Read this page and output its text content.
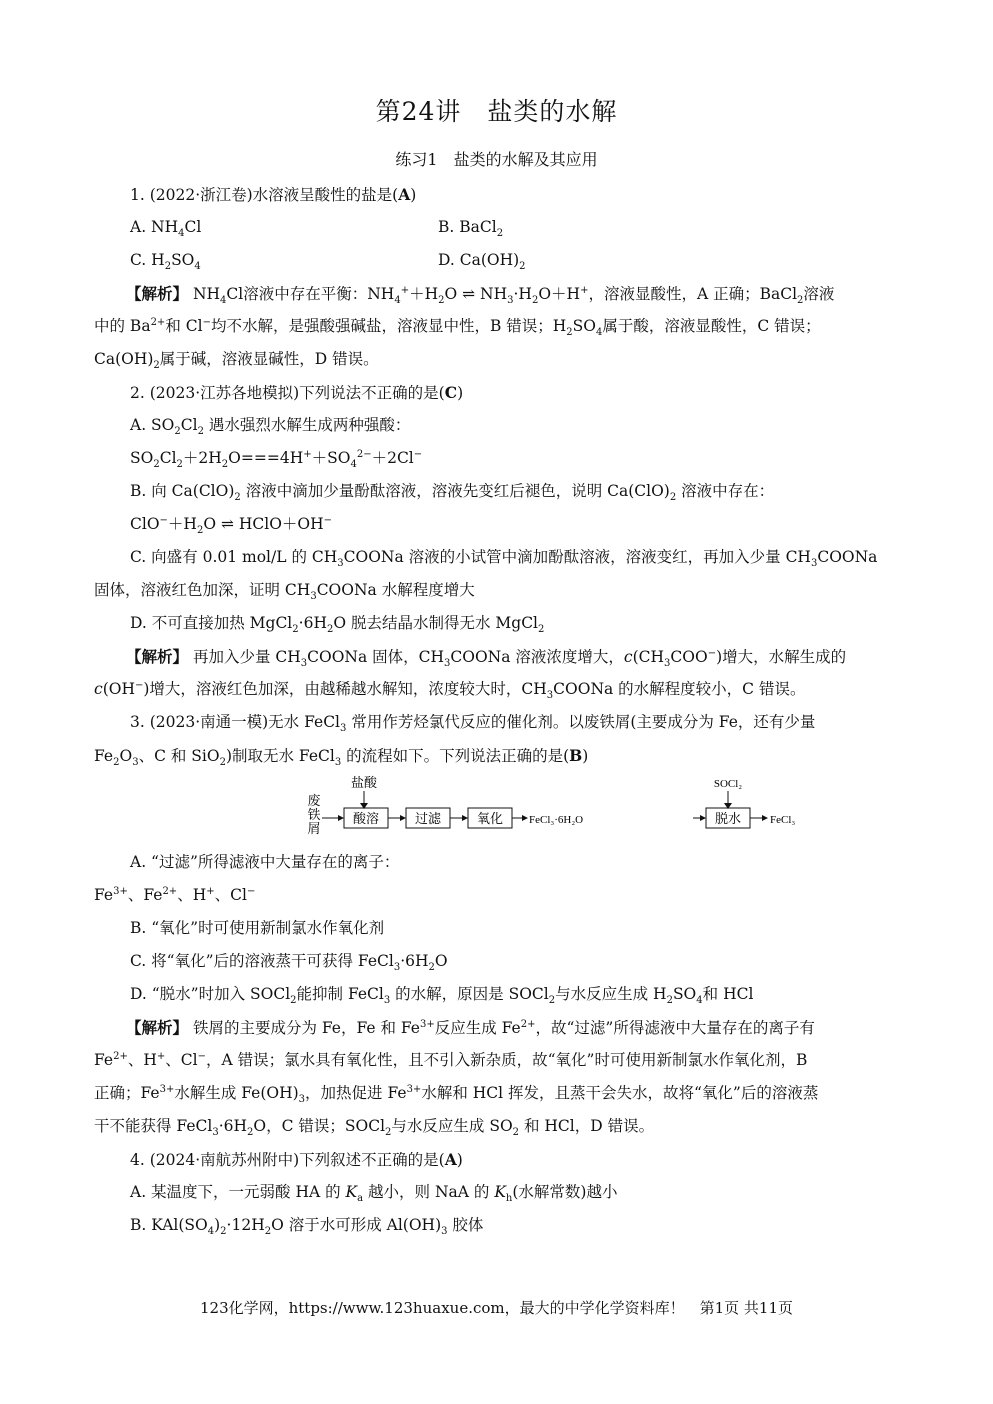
第24讲　盐类的水解
练习1　盐类的水解及其应用
1. (2022·浙江卷)水溶液呈酸性的盐是(A)
A. $NH_4Cl$	B. BaCl$_2$
C. $H_2SO_4$	D. $Ca(OH)_2$
【解析】 $NH_4Cl$溶液中存在平衡：$NH_4^++H_2O$ ⇌ $NH_3\cdot H_2O+H^+$，溶液显酸性，A 正确；BaCl$_2$溶液
中的 $Ba^{2+}$和 Cl−均不水解，是强酸强碱盐，溶液显中性，B 错误；$H_2SO_4$属于酸，溶液显酸性，C 错误；
$Ca(OH)_2$属于碱，溶液显碱性，D 错误。
2. (2023·江苏各地模拟)下列说法不正确的是(C)
A. $SO_2Cl_2$ 遇水强烈水解生成两种强酸：
$SO_2Cl_2+2H_2O===4H^++SO_4^{2-}+2Cl^-$
B. 向 $Ca(ClO)_2$ 溶液中滴加少量酚酞溶液，溶液先变红后褪色，说明 $Ca(ClO)_2$ 溶液中存在：
$ClO^-+H_2O$ ⇌ HClO＋OH−
C. 向盛有 0.01 mol/L 的 $CH_3COONa$ 溶液的小试管中滴加酚酞溶液，溶液变红，再加入少量 $CH_3COONa$
固体，溶液红色加深，证明 $CH_3COONa$ 水解程度增大
D. 不可直接加热 $MgCl_2\cdot 6H_2O$ 脱去结晶水制得无水 MgCl$_2$
【解析】 再加入少量 $CH_3COONa$ 固体，$CH_3COONa$ 溶液浓度增大，$c(CH_3COO^-)$增大，水解生成的
c(OH−)增大，溶液红色加深，由越稀越水解知，浓度较大时，$CH_3COONa$ 的水解程度较小，C 错误。
3. (2023·南通一模)无水 FeCl$_3$ 常用作芳烃氯代反应的催化剂。以废铁屑(主要成分为 Fe，还有少量
$Fe_2O_3$、C 和 SiO$_2$)制取无水 FeCl$_3$ 的流程如下。下列说法正确的是(B)
盐酸	SOCl₂
废
铁
屑
酸溶	过滤	氧化 FeCl₃·6H₂O	脱水	FeCl₃
A. “过滤”所得滤液中大量存在的离子：
$Fe^{3+}$、$Fe^{2+}$、H+、Cl−
B. “氧化”时可使用新制氯水作氧化剂
C. 将“氧化”后的溶液蒸干可获得 $FeCl_3\cdot 6H_2O$
D. “脱水”时加入 SOCl$_2$能抑制 FeCl$_3$ 的水解，原因是 SOCl$_2$与水反应生成 $H_2SO_4$和 HCl
【解析】 铁屑的主要成分为 Fe，Fe 和 $Fe^{3+}$反应生成 $Fe^{2+}$，故“过滤”所得滤液中大量存在的离子有
$Fe^{2+}$、H+、Cl−，A 错误；氯水具有氧化性，且不引入新杂质，故“氧化”时可使用新制氯水作氧化剂，B
正确；$Fe^{3+}$水解生成 $Fe(OH)_3$，加热促进 $Fe^{3+}$水解和 HCl 挥发，且蒸干会失水，故将“氧化”后的溶液蒸
干不能获得 $FeCl_3\cdot 6H_2O$，C 错误；SOCl$_2$与水反应生成 $SO_2$ 和 HCl，D 错误。
4. (2024·南航苏州附中)下列叙述不正确的是(A)
A. 某温度下，一元弱酸 HA 的 $K_a$ 越小，则 NaA 的 $K_h$(水解常数)越小
B. $KAl(SO_4)_2\cdot 12H_2O$ 溶于水可形成 $Al(OH)_3$ 胶体
123化学网，https://www.123huaxue.com，最大的中学化学资料库！　第1页 共11页
